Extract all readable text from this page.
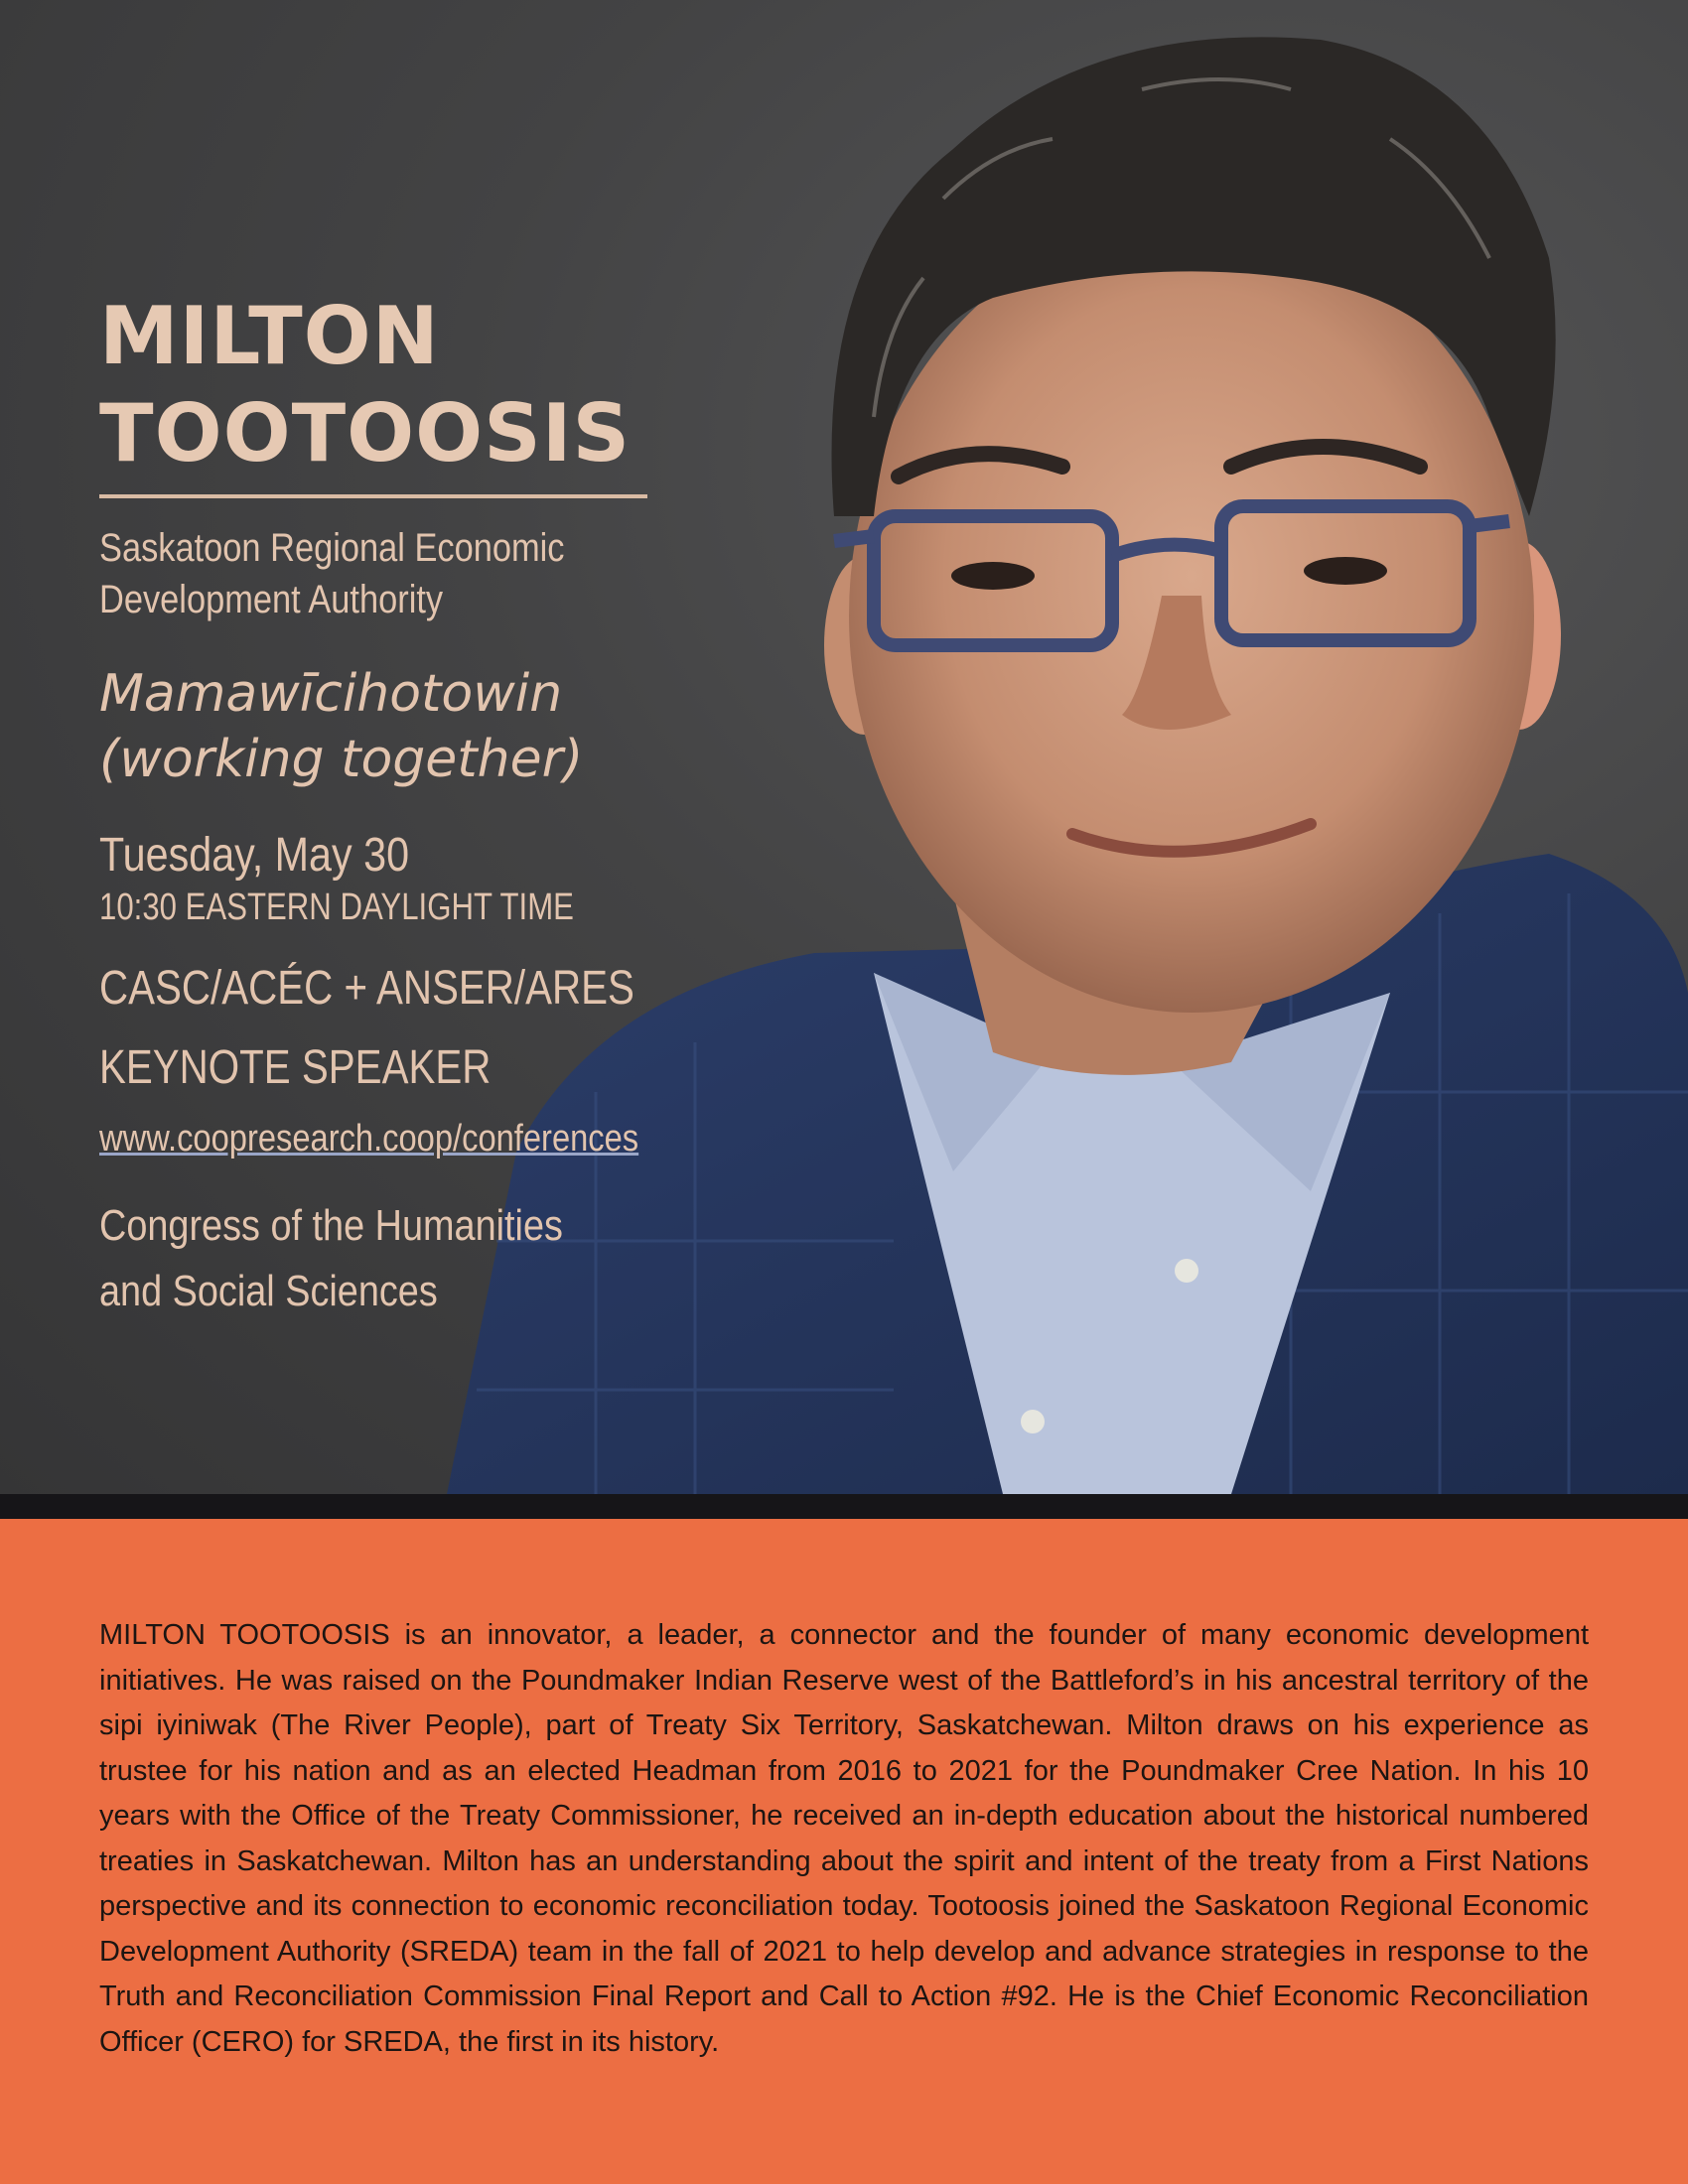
MILTON
TOOTOOSIS
Saskatoon Regional Economic
Development Authority
Mamawīcihotowin
(working together)
Tuesday, May 30
10:30 EASTERN DAYLIGHT TIME
CASC/ACÉC + ANSER/ARES
KEYNOTE SPEAKER
www.coopresearch.coop/conferences
Congress of the Humanities
and Social Sciences

MILTON TOOTOOSIS is an innovator, a leader, a connector and the founder of many economic development initiatives. He was raised on the Poundmaker Indian Reserve west of the Battleford’s in his ancestral territory of the sipi iyiniwak (The River People), part of Treaty Six Territory, Saskatchewan. Milton draws on his experience as trustee for his nation and as an elected Headman from 2016 to 2021 for the Poundmaker Cree Nation. In his 10 years with the Office of the Treaty Commissioner, he received an in-depth education about the historical numbered treaties in Saskatchewan. Milton has an understanding about the spirit and intent of the treaty from a First Nations perspective and its connection to economic reconciliation today. Tootoosis joined the Saskatoon Regional Economic Development Authority (SREDA) team in the fall of 2021 to help develop and advance strategies in response to the Truth and Reconciliation Commission Final Report and Call to Action #92. He is the Chief Economic Reconciliation Officer (CERO) for SREDA, the first in its history.
